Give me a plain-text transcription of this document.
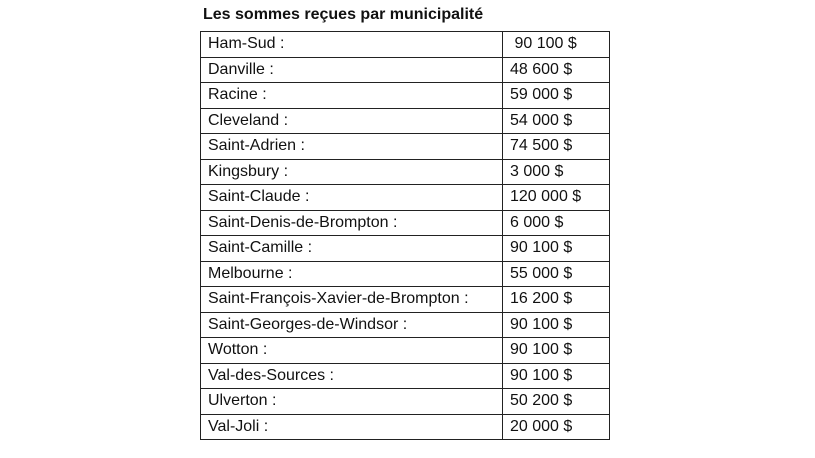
Les sommes reçues par municipalité
Ham-Sud :	90 100 $
Danville :	48 600 $
Racine :	59 000 $
Cleveland :	54 000 $
Saint-Adrien :	74 500 $
Kingsbury :	3 000 $
Saint-Claude :	120 000 $
Saint-Denis-de-Brompton :	6 000 $
Saint-Camille :	90 100 $
Melbourne :	55 000 $
Saint-François-Xavier-de-Brompton :	16 200 $
Saint-Georges-de-Windsor :	90 100 $
Wotton :	90 100 $
Val-des-Sources :	90 100 $
Ulverton :	50 200 $
Val-Joli :	20 000 $
